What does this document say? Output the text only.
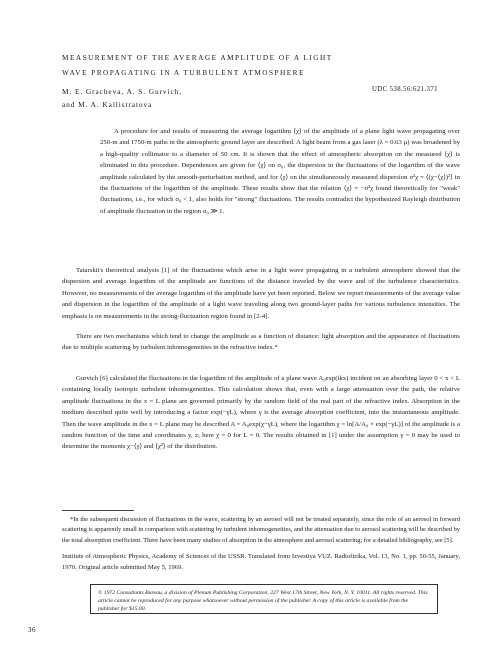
MEASUREMENT OF THE AVERAGE AMPLITUDE OF A LIGHT
WAVE PROPAGATING IN A TURBULENT ATMOSPHERE
M. E. Gracheva, A. S. Gurvich,
and M. A. Kallistratova
UDC 538.56:621.371
A procedure for and results of measuring the average logarithm ⟨χ⟩ of the amplitude of a plane light wave propagating over 250-m and 1750-m paths in the atmospheric ground layer are described. A light beam from a gas laser (λ = 0.63 μ) was broadened by a high-quality collimator to a diameter of 50 cm. It is shown that the effect of atmospheric absorption on the measured ⟨χ⟩ is eliminated in this procedure. Dependences are given for ⟨χ⟩ on σ₀, the dispersion in the fluctuations of the logarithm of the wave amplitude calculated by the smooth-perturbation method, and for ⟨χ⟩ on the simultaneously measured dispersion σ²χ = ⟨(χ−⟨χ⟩)²⟩ in the fluctuations of the logarithm of the amplitude. These results show that the relation ⟨χ⟩ = −σ²χ found theoretically for "weak" fluctuations, i.e., for which σ₀ < 1, also holds for "strong" fluctuations. The results contradict the hypothesized Rayleigh distribution of amplitude fluctuation in the region σ₀ ≫ 1.

Tatarskii's theoretical analysis [1] of the fluctuations which arise in a light wave propagating in a turbulent atmosphere showed that the dispersion and average logarithm of the amplitude are functions of the distance traveled by the wave and of the turbulence characteristics. However, no measurements of the average logarithm of the amplitude have yet been reported. Below we report measurements of the average value and dispersion in the logarithm of the amplitude of a light wave traveling along two ground-layer paths for various turbulence intensities. The emphasis is on measurements in the strong-fluctuation region found in [2-4].

There are two mechanisms which tend to change the amplitude as a function of distance: light absorption and the appearance of fluctuations due to multiple scattering by turbulent inhomogeneities in the refractive index.*

Gurvich [6] calculated the fluctuations in the logarithm of the amplitude of a plane wave A₀exp(ikx) incident on an absorbing layer 0 < x < L containing locally isotropic turbulent inhomogeneities. This calculation shows that, even with a large attenuation over the path, the relative amplitude fluctuations in the x = L plane are governed primarily by the random field of the real part of the refractive index. Absorption in the medium described quite well by introducing a factor exp(−γL), where γ is the average absorption coefficient, into the instantaneous amplitude. Then the wave amplitude in the x = L plane may be described A = A₀exp(χ−γL), where the logarithm χ = ln[A/A₀ × exp(−γL)] of the amplitude is a random function of the time and coordinates y, z; here χ = 0 for L = 0. The results obtained in [1] under the assumption γ = 0 may be used to determine the moments χ−⟨χ⟩ and ⟨χ²⟩ of the distribution.

*In the subsequent discussion of fluctuations in the wave, scattering by an aerosol will not be treated separately, since the role of an aerosol in forward scattering is apparently small in comparison with scattering by turbulent inhomogeneities, and the attenuation due to aerosol scattering will be described by the total absorption coefficient. There have been many studies of absorption in the atmosphere and aerosol scattering; for a detailed bibliography, see [5].
Institute of Atmospheric Physics, Academy of Sciences of the USSR. Translated from Izvestiya VUZ. Radiofizika, Vol. 13, No. 1, pp. 50-55, January, 1970. Original article submitted May 5, 1969.
© 1972 Consultants Bureau, a division of Plenum Publishing Corporation, 227 West 17th Street, New York, N. Y. 10011. All rights reserved. This article cannot be reproduced for any purpose whatsoever without permission of the publisher. A copy of this article is available from the publisher for $15.00.
36
